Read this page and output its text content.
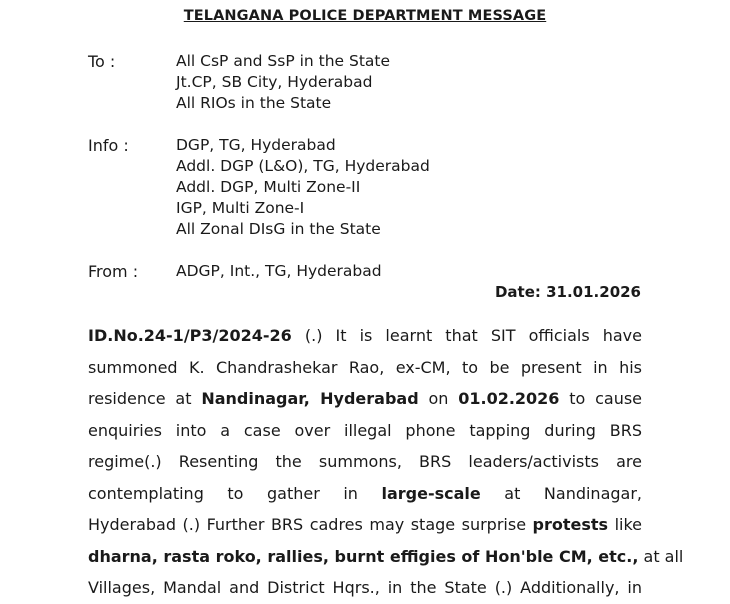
TELANGANA POLICE DEPARTMENT MESSAGE
To :	All CsP and SsP in the State
Jt.CP, SB City, Hyderabad
All RIOs in the State
Info :	DGP, TG, Hyderabad
Addl. DGP (L&O), TG, Hyderabad
Addl. DGP, Multi Zone-II
IGP, Multi Zone-I
All Zonal DIsG in the State
From : ADGP, Int., TG, Hyderabad
Date: 31.01.2026
ID.No.24-1/P3/2024-26 (.) It is learnt that SIT officials have
summoned K. Chandrashekar Rao, ex-CM, to be present in his
residence at Nandinagar, Hyderabad on 01.02.2026 to cause
enquiries into a case over illegal phone tapping during BRS
regime(.) Resenting the summons, BRS leaders/activists are
contemplating to gather in large-scale at Nandinagar,
Hyderabad (.) Further BRS cadres may stage surprise protests like
dharna, rasta roko, rallies, burnt effigies of Hon'ble CM, etc., at all
Villages, Mandal and District Hqrs., in the State (.) Additionally, in
